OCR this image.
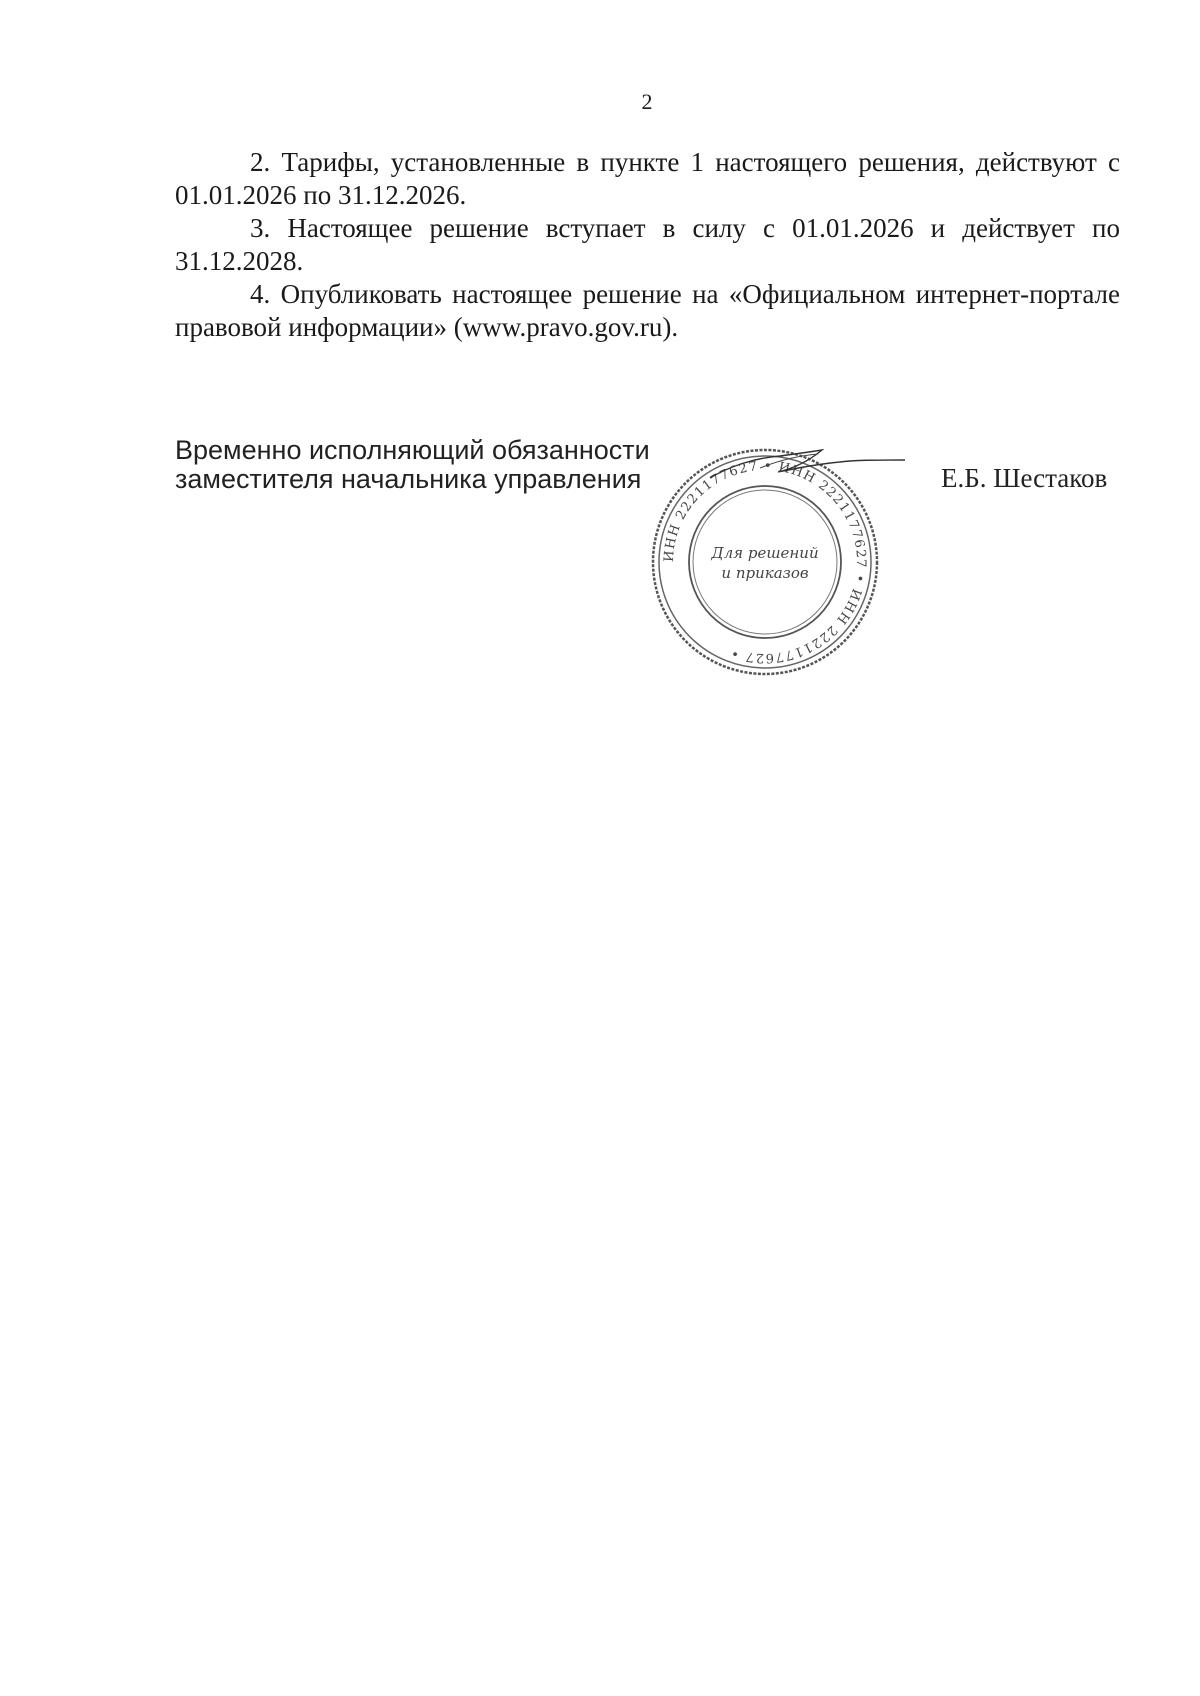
2

2. Тарифы, установленные в пункте 1 настоящего решения, действуют с 01.01.2026 по 31.12.2026.

3. Настоящее решение вступает в силу с 01.01.2026 и действует по 31.12.2028.

4. Опубликовать настоящее решение на «Официальном интернет-портале правовой информации» (www.pravo.gov.ru).

Временно исполняющий обязанности
заместителя начальника управления
ИНН 2221177627 • ИНН 2221177627 • ИНН 2221177627 •
Для решений
и приказов
Е.Б. Шестаков
